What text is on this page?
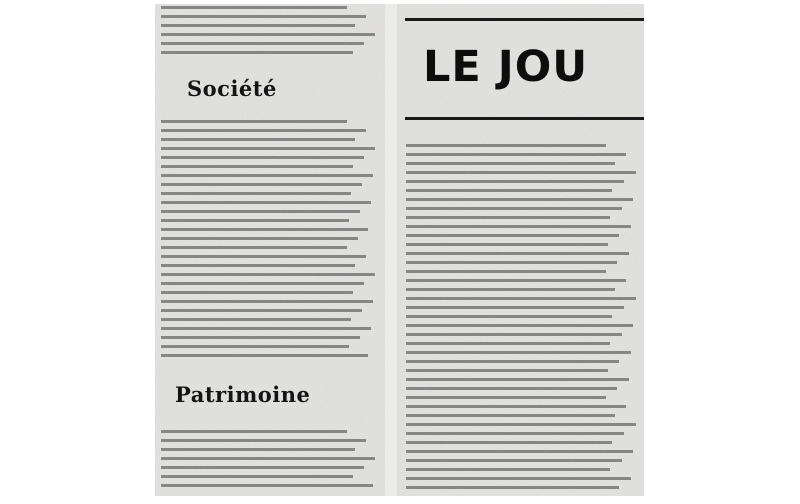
Société
Patrimoine
LE JOU
